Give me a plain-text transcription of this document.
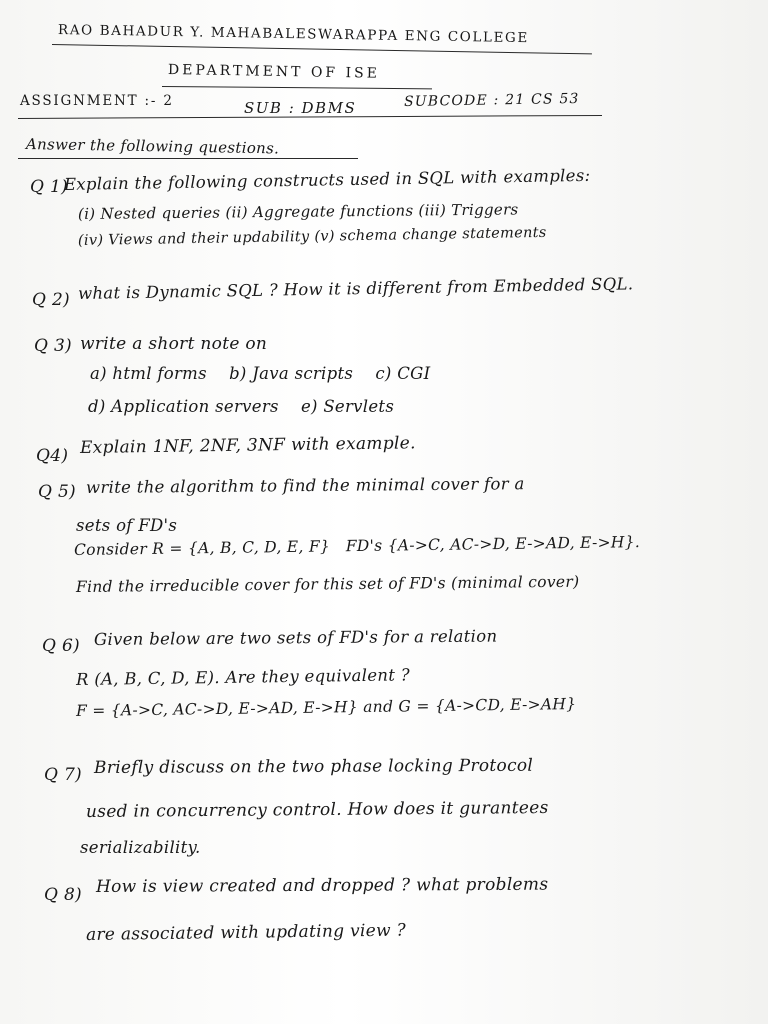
RAO BAHADUR Y. MAHABALESWARAPPA ENG COLLEGE
DEPARTMENT OF ISE
ASSIGNMENT :- 2	SUB : DBMS	SUBCODE : 21 CS 53
Answer the following questions.
Q 1)
Explain the following constructs used in SQL with examples:
(i) Nested queries (ii) Aggregate functions (iii) Triggers
(iv) Views and their updability (v) schema change statements
Q 2) what is Dynamic SQL ? How it is different from Embedded SQL.
Q 3) write a short note on
a) html forms    b) Java scripts    c) CGI
d) Application servers    e) Servlets
Q4) Explain 1NF, 2NF, 3NF with example.
Q 5) write the algorithm to find the minimal cover for a
sets of FD's
Consider R = {A, B, C, D, E, F}   FD's {A->C, AC->D, E->AD, E->H}.
Find the irreducible cover for this set of FD's (minimal cover)
Q 6) Given below are two sets of FD's for a relation
R (A, B, C, D, E). Are they equivalent ?
F = {A->C, AC->D, E->AD, E->H} and G = {A->CD, E->AH}
Q 7) Briefly discuss on the two phase locking Protocol
used in concurrency control. How does it gurantees
serializability.
Q 8) How is view created and dropped ? what problems
are associated with updating view ?
